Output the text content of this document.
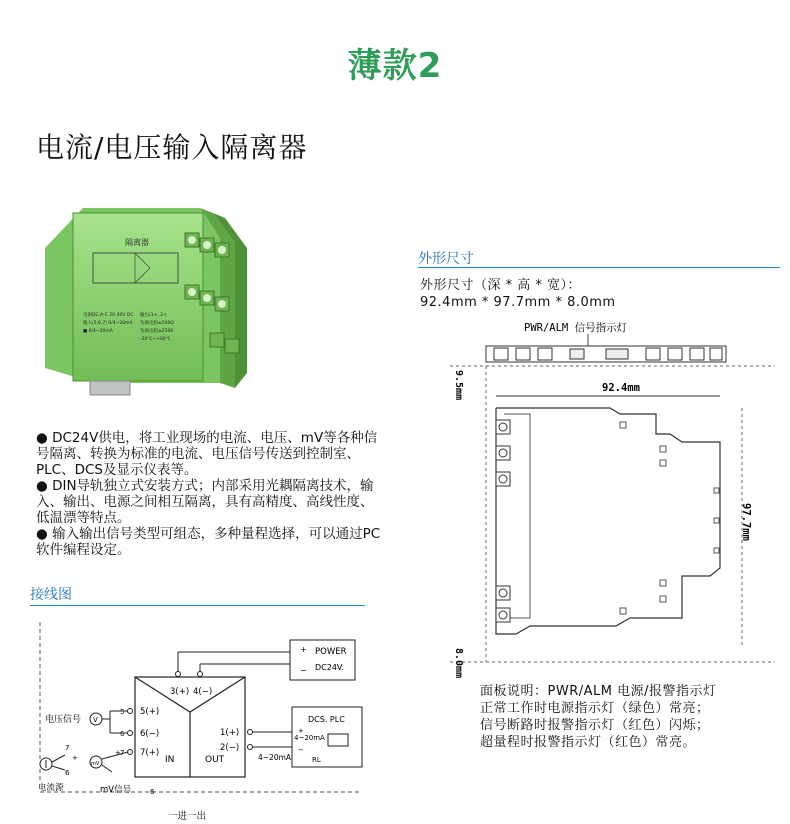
薄款2
电流/电压输入隔离器
隔离器
电源DC:A-C 20-30V DC
输入(5,6,7) 0/4~20mA
■ 0/4~20mA
输出(1+, 2-)
负载电阻≤500Ω
负载电阻≥250K
-20℃~+60℃

● DC24V供电，将工业现场的电流、电压、mV等各种信号隔离、转换为标准的电流、电压信号传送到控制室、PLC、DCS及显示仪表等。

● DIN导轨独立式安装方式；内部采用光耦隔离技术，输入、输出、电源之间相互隔离，具有高精度、高线性度、低温漂等特点。

● 输入输出信号类型可组态，多种量程选择，可以通过PC软件编程设定。

接线图
IN	OUT
3(+) 4(−)
+
−
POWER
DC24V.
5(+)
6(−)
7(+)
5
6
7
电压信号 V
mV
+
mV信号
7
+
6
电流源	6
1(+)
2(−)
4~20mA
DCS. PLC
4~20mA
+
−
RL
一进一出
外形尺寸
外形尺寸（深 * 高 * 宽）：
92.4mm * 97.7mm * 8.0mm
PWR/ALM 信号指示灯
92.4mm
9.5mm
97.7mm
8.0mm

面板说明：PWR/ALM 电源/报警指示灯

正常工作时电源指示灯（绿色）常亮；

信号断路时报警指示灯（红色）闪烁；

超量程时报警指示灯（红色）常亮。
